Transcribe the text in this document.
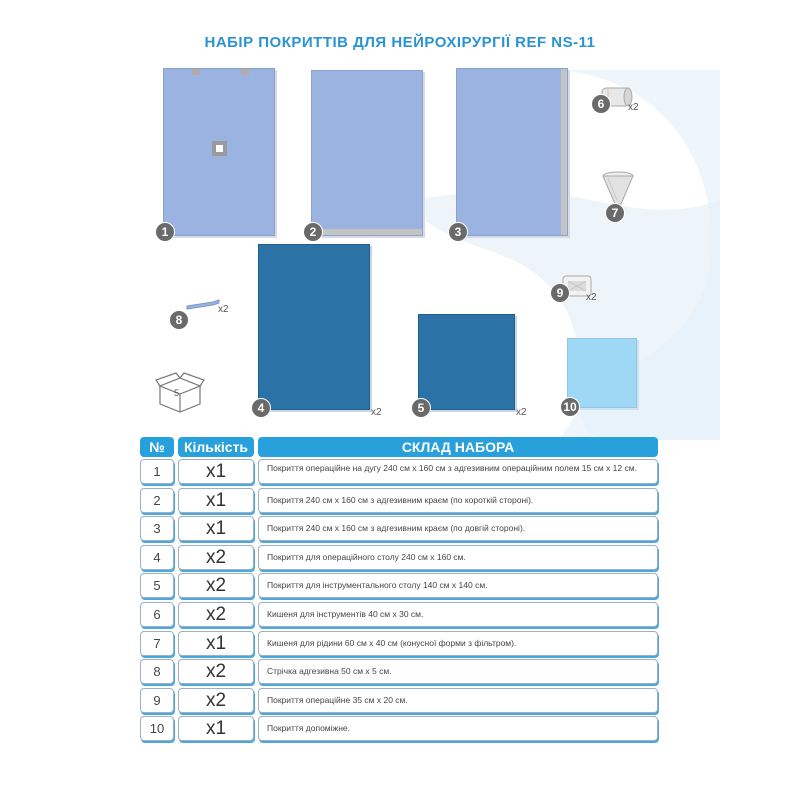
НАБІР ПОКРИТТІВ ДЛЯ НЕЙРОХІРУРГІЇ REF NS-11
1	2	3
6	x2
7
x2
8
9	x2
5
4	x2	5	x2	10
№	Кількість	СКЛАД НАБОРА
1	x1	Покриття операційне на дугу 240 см х 160 см з адгезивним операційним полем 15 см х 12 см.
2	x1	Покриття 240 см х 160 см з адгезивним краєм (по короткій стороні).
3	x1	Покриття 240 см х 160 см з адгезивним краєм (по довгій стороні).
4	x2	Покриття для операційного столу 240 см х 160 см.
5	x2	Покриття для інструментального столу 140 см х 140 см.
6	x2	Кишеня для інструментів 40 см х 30 см.
7	x1	Кишеня для рідини 60 см х 40 см (конусної форми з фільтром).
8	x2	Стрічка адгезивна 50 см х 5 см.
9	x2	Покриття операційне 35 см х 20 см.
10	x1	Покриття допоміжне.
